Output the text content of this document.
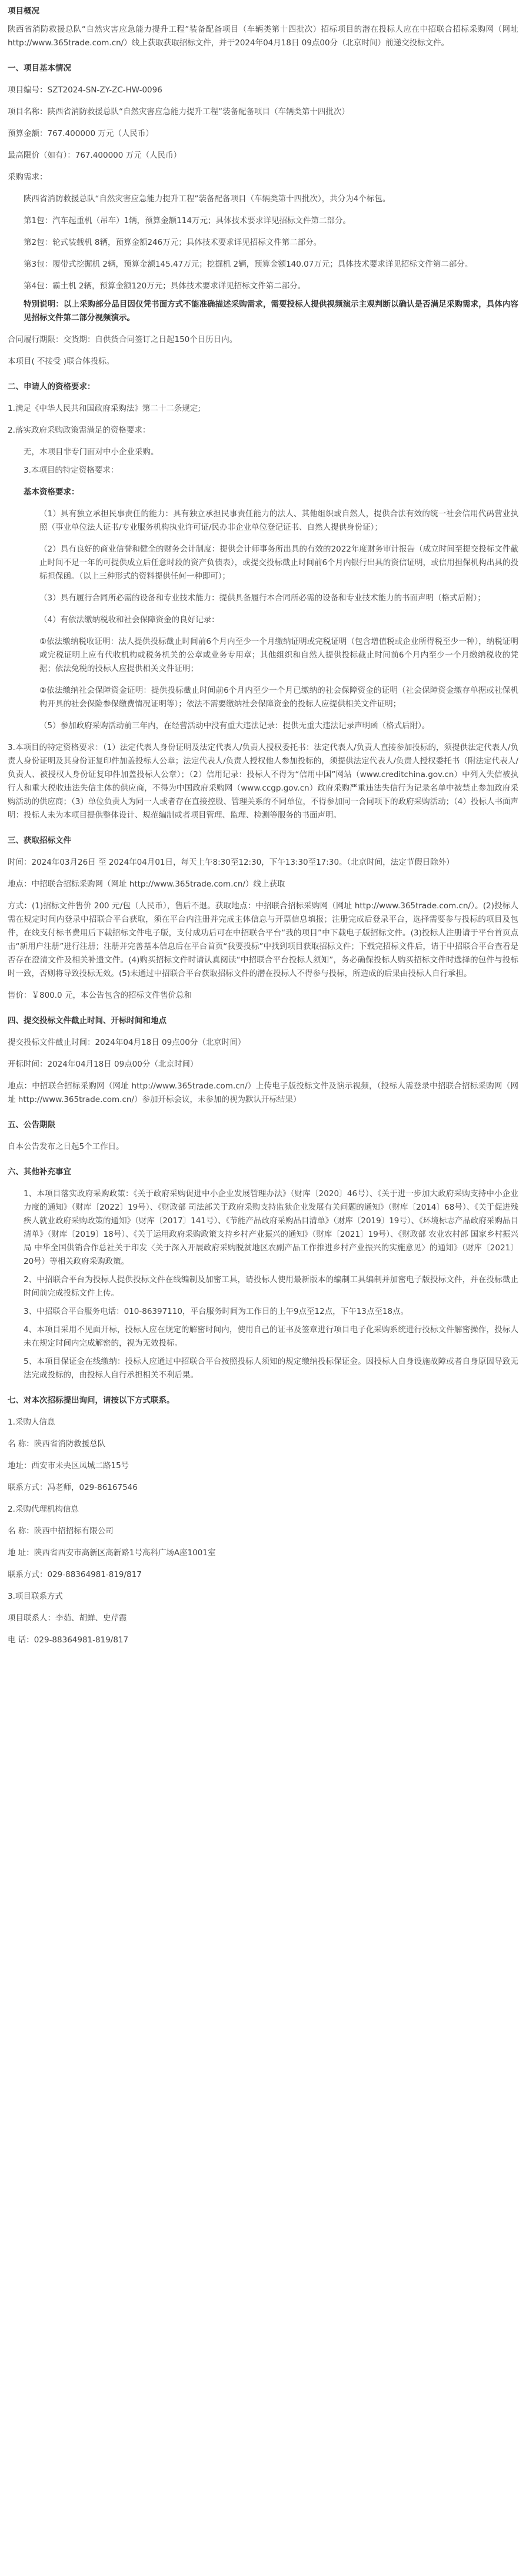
项目概况

陕西省消防救援总队“自然灾害应急能力提升工程”装备配备项目（车辆类第十四批次）招标项目的潜在投标人应在中招联合招标采购网（网址 http://www.365trade.com.cn/）线上获取获取招标文件，并于2024年04月18日 09点00分（北京时间）前递交投标文件。

一、项目基本情况

项目编号：SZT2024-SN-ZY-ZC-HW-0096

项目名称：陕西省消防救援总队“自然灾害应急能力提升工程”装备配备项目（车辆类第十四批次）

预算金额：767.400000 万元（人民币）

最高限价（如有）：767.400000 万元（人民币）

采购需求：

陕西省消防救援总队“自然灾害应急能力提升工程”装备配备项目（车辆类第十四批次），共分为4个标包。

第1包：汽车起重机（吊车）1辆，预算金额114万元；具体技术要求详见招标文件第二部分。

第2包：轮式装载机 8辆，预算金额246万元；具体技术要求详见招标文件第二部分。

第3包：履带式挖掘机 2辆，预算金额145.47万元；挖掘机 2辆，预算金额140.07万元；具体技术要求详见招标文件第二部分。

第4包：霸土机 2辆，预算金额120万元；具体技术要求详见招标文件第二部分。

特别说明：以上采购部分品目因仅凭书面方式不能准确描述采购需求，需要投标人提供视频演示主观判断以确认是否满足采购需求，具体内容见招标文件第二部分视频演示。

合同履行期限：交货期：自供货合同签订之日起150个日历日内。

本项目( 不接受 )联合体投标。

二、申请人的资格要求：

1.满足《中华人民共和国政府采购法》第二十二条规定;

2.落实政府采购政策需满足的资格要求：

无，本项目非专门面对中小企业采购。

3.本项目的特定资格要求：

基本资格要求：

（1）具有独立承担民事责任的能力：具有独立承担民事责任能力的法人、其他组织或自然人，提供合法有效的统一社会信用代码营业执照（事业单位法人证书/专业服务机构执业许可证/民办非企业单位登记证书、自然人提供身份证）；

（2）具有良好的商业信誉和健全的财务会计制度：提供会计师事务所出具的有效的2022年度财务审计报告（成立时间至提交投标文件截止时间不足一年的可提供成立后任意时段的资产负债表），或提交投标截止时间前6个月内银行出具的资信证明，或信用担保机构出具的投标担保函。（以上三种形式的资料提供任何一种即可）；

（3）具有履行合同所必需的设备和专业技术能力：提供具备履行本合同所必需的设备和专业技术能力的书面声明（格式后附）；

（4）有依法缴纳税收和社会保障资金的良好记录：

①依法缴纳税收证明：法人提供投标截止时间前6个月内至少一个月缴纳证明或完税证明（包含增值税或企业所得税至少一种），纳税证明或完税证明上应有代收机构或税务机关的公章或业务专用章；其他组织和自然人提供投标截止时间前6个月内至少一个月缴纳税收的凭据；依法免税的投标人应提供相关文件证明；

②依法缴纳社会保障资金证明：提供投标截止时间前6个月内至少一个月已缴纳的社会保障资金的证明（社会保障资金缴存单据或社保机构开具的社会保险参保缴费情况证明等）；依法不需要缴纳社会保障资金的投标人应提供相关文件证明；

（5）参加政府采购活动前三年内，在经营活动中没有重大违法记录：提供无重大违法记录声明函（格式后附）。

3.本项目的特定资格要求：（1）法定代表人身份证明及法定代表人/负责人授权委托书：法定代表人/负责人直接参加投标的，须提供法定代表人/负责人身份证明及其身份证复印件加盖投标人公章；法定代表人/负责人授权他人参加投标的，须提供法定代表人/负责人授权委托书（附法定代表人/负责人、被授权人身份证复印件加盖投标人公章）；（2）信用记录：投标人不得为“信用中国”网站（www.creditchina.gov.cn）中列入失信被执行人和重大税收违法失信主体的供应商，不得为中国政府采购网（www.ccgp.gov.cn）政府采购严重违法失信行为记录名单中被禁止参加政府采购活动的供应商；（3）单位负责人为同一人或者存在直接控股、管理关系的不同单位，不得参加同一合同项下的政府采购活动；（4）投标人书面声明：投标人未为本项目提供整体设计、规范编制或者项目管理、监理、检测等服务的书面声明。

三、获取招标文件

时间：2024年03月26日 至 2024年04月01日，每天上午8:30至12:30，下午13:30至17:30。（北京时间，法定节假日除外）

地点：中招联合招标采购网（网址 http://www.365trade.com.cn/）线上获取

方式：(1)招标文件售价 200 元/包（人民币），售后不退。获取地点：中招联合招标采购网（网址 http://www.365trade.com.cn/）。(2)投标人需在规定时间内登录中招联合平台获取，须在平台内注册并完成主体信息与开票信息填报；注册完成后登录平台，选择需要参与投标的项目及包件，在线支付标书费用后下载招标文件电子版，支付成功后可在中招联合平台“我的项目”中下载电子版招标文件。(3)投标人注册请于平台首页点击“新用户注册”进行注册；注册并完善基本信息后在平台首页“我要投标”中找到项目获取招标文件；下载完招标文件后，请于中招联合平台查看是否存在澄清文件及相关补遗文件。(4)购买招标文件时请认真阅读“中招联合平台投标人须知”，务必确保投标人购买招标文件时选择的包件与投标时一致，否则将导致投标无效。(5)未通过中招联合平台获取招标文件的潜在投标人不得参与投标，所造成的后果由投标人自行承担。

售价：￥800.0 元，本公告包含的招标文件售价总和

四、提交投标文件截止时间、开标时间和地点

提交投标文件截止时间：2024年04月18日 09点00分（北京时间）

开标时间：2024年04月18日 09点00分（北京时间）

地点：中招联合招标采购网（网址 http://www.365trade.com.cn/）上传电子版投标文件及演示视频，（投标人需登录中招联合招标采购网（网址 http://www.365trade.com.cn/）参加开标会议，未参加的视为默认开标结果）

五、公告期限

自本公告发布之日起5个工作日。

六、其他补充事宜

1、本项目落实政府采购政策：《关于政府采购促进中小企业发展管理办法》（财库〔2020〕46号）、《关于进一步加大政府采购支持中小企业力度的通知》（财库〔2022〕19号）、《财政部 司法部关于政府采购支持监狱企业发展有关问题的通知》（财库〔2014〕68号）、《关于促进残疾人就业政府采购政策的通知》（财库〔2017〕141号）、《节能产品政府采购品目清单》（财库〔2019〕19号）、《环境标志产品政府采购品目清单》（财库〔2019〕18号）、《关于运用政府采购政策支持乡村产业振兴的通知》（财库〔2021〕19号）、《财政部 农业农村部 国家乡村振兴局 中华全国供销合作总社关于印发〈关于深入开展政府采购脱贫地区农副产品工作推进乡村产业振兴的实施意见〉的通知》（财库〔2021〕20号）等相关政府采购政策。

2、中招联合平台为投标人提供投标文件在线编制及加密工具，请投标人使用最新版本的编制工具编制并加密电子版投标文件，并在投标截止时间前完成投标文件上传。

3、中招联合平台服务电话：010-86397110，平台服务时间为工作日的上午9点至12点，下午13点至18点。

4、本项目采用不见面开标，投标人应在规定的解密时间内，使用自己的证书及签章进行项目电子化采购系统进行投标文件解密操作，投标人未在规定时间内完成解密的，视为无效投标。

5、本项目保证金在线缴纳：投标人应通过中招联合平台按照投标人须知的规定缴纳投标保证金。因投标人自身设施故障或者自身原因导致无法完成投标的，由投标人自行承担相关不利后果。

七、对本次招标提出询问，请按以下方式联系。

1.采购人信息

名 称：陕西省消防救援总队

地址：西安市未央区凤城二路15号

联系方式：冯老师，029-86167546

2.采购代理机构信息

名 称：陕西中招招标有限公司

地 址：陕西省西安市高新区高新路1号高科广场A座1001室

联系方式：029-88364981-819/817

3.项目联系方式

项目联系人：李茹、胡蝉、史芹霞

电 话：029-88364981-819/817
